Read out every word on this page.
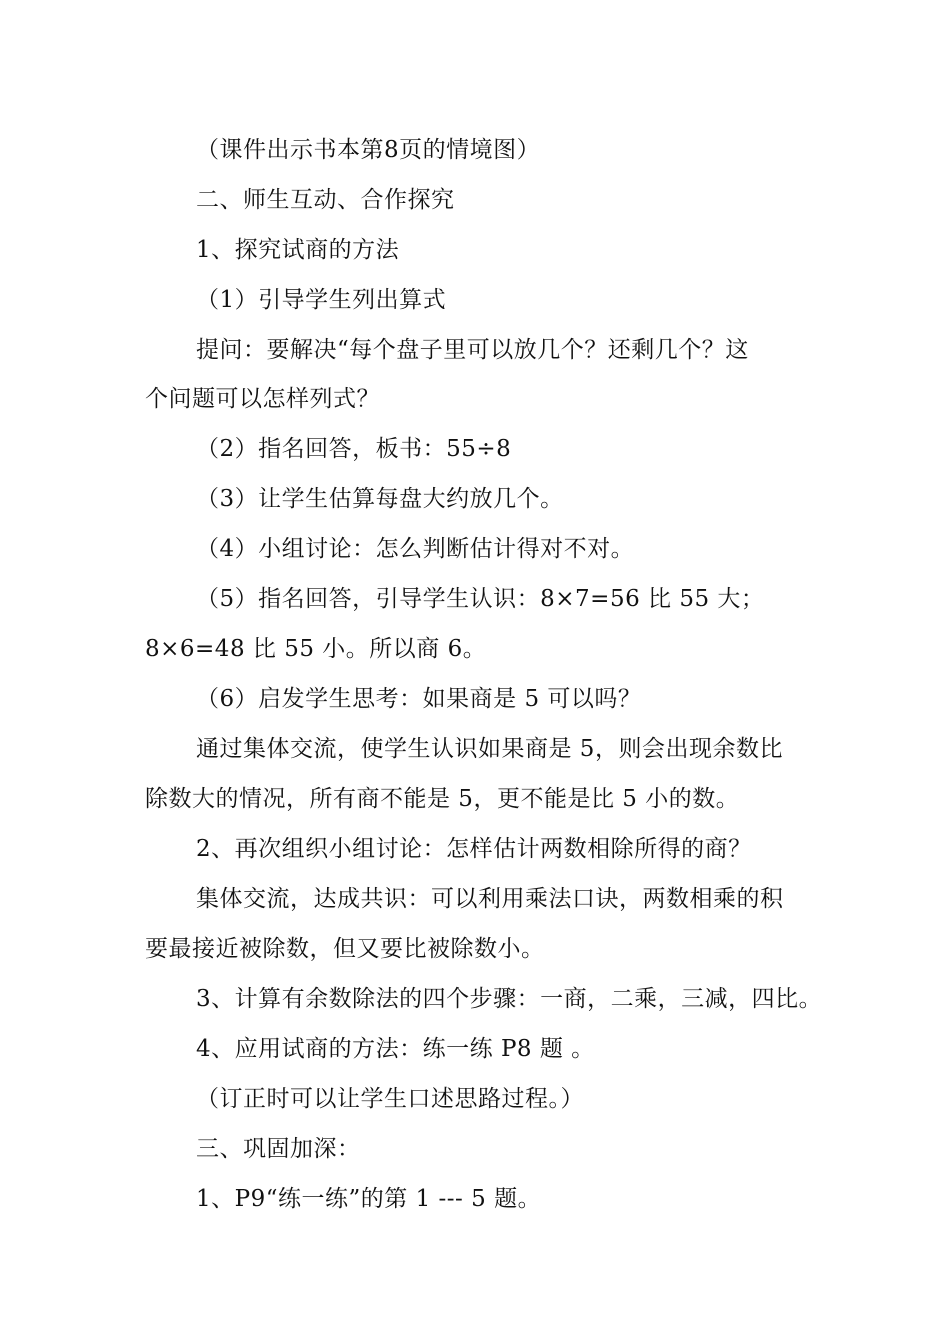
（课件出示书本第8页的情境图）
二、师生互动、合作探究
1、探究试商的方法
（1）引导学生列出算式
提问：要解决“每个盘子里可以放几个？还剩几个？这
个问题可以怎样列式？
（2）指名回答，板书：55÷8
（3）让学生估算每盘大约放几个。
（4）小组讨论：怎么判断估计得对不对。
（5）指名回答，引导学生认识：8×7=56 比 55 大；
8×6=48 比 55 小。所以商 6。
（6）启发学生思考：如果商是 5 可以吗？
通过集体交流，使学生认识如果商是 5，则会出现余数比
除数大的情况，所有商不能是 5，更不能是比 5 小的数。
2、再次组织小组讨论：怎样估计两数相除所得的商？
集体交流，达成共识：可以利用乘法口诀，两数相乘的积
要最接近被除数，但又要比被除数小。
3、计算有余数除法的四个步骤：一商，二乘，三减，四比。
4、应用试商的方法：练一练 P8 题 。
（订正时可以让学生口述思路过程。）
三、巩固加深：
1、P9“练一练”的第 1 --- 5 题。
